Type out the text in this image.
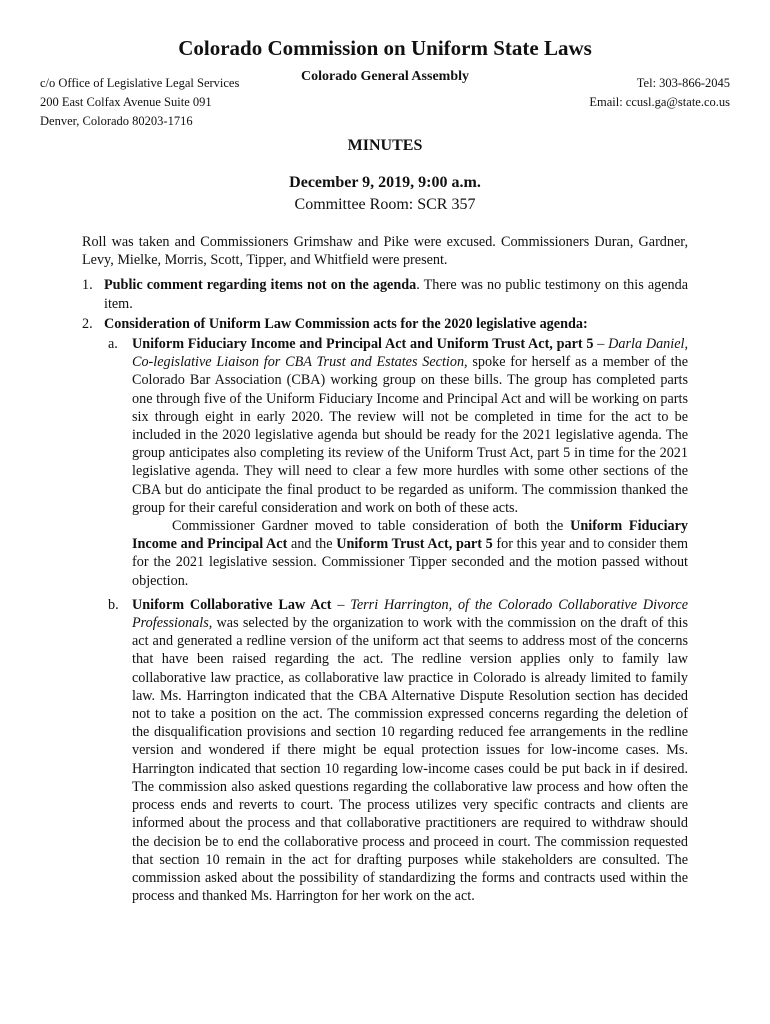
Colorado Commission on Uniform State Laws
c/o Office of Legislative Legal Services
200 East Colfax Avenue Suite 091
Denver, Colorado 80203-1716
Colorado General Assembly	Tel: 303-866-2045
Email: ccusl.ga@state.co.us
MINUTES
December 9, 2019, 9:00 a.m.
Committee Room: SCR 357

Roll was taken and Commissioners Grimshaw and Pike were excused. Commissioners Duran, Gardner, Levy, Mielke, Morris, Scott, Tipper, and Whitfield were present.

1. Public comment regarding items not on the agenda. There was no public testimony on this agenda item.

2. Consideration of Uniform Law Commission acts for the 2020 legislative agenda:

a. Uniform Fiduciary Income and Principal Act and Uniform Trust Act, part 5 – Darla Daniel, Co-legislative Liaison for CBA Trust and Estates Section, spoke for herself as a member of the Colorado Bar Association (CBA) working group on these bills. The group has completed parts one through five of the Uniform Fiduciary Income and Principal Act and will be working on parts six through eight in early 2020. The review will not be completed in time for the act to be included in the 2020 legislative agenda but should be ready for the 2021 legislative agenda. The group anticipates also completing its review of the Uniform Trust Act, part 5 in time for the 2021 legislative agenda. They will need to clear a few more hurdles with some other sections of the CBA but do anticipate the final product to be regarded as uniform. The commission thanked the group for their careful consideration and work on both of these acts.

Commissioner Gardner moved to table consideration of both the Uniform Fiduciary Income and Principal Act and the Uniform Trust Act, part 5 for this year and to consider them for the 2021 legislative session. Commissioner Tipper seconded and the motion passed without objection.

b. Uniform Collaborative Law Act – Terri Harrington, of the Colorado Collaborative Divorce Professionals, was selected by the organization to work with the commission on the draft of this act and generated a redline version of the uniform act that seems to address most of the concerns that have been raised regarding the act. The redline version applies only to family law collaborative law practice, as collaborative law practice in Colorado is already limited to family law. Ms. Harrington indicated that the CBA Alternative Dispute Resolution section has decided not to take a position on the act. The commission expressed concerns regarding the deletion of the disqualification provisions and section 10 regarding reduced fee arrangements in the redline version and wondered if there might be equal protection issues for low-income cases. Ms. Harrington indicated that section 10 regarding low-income cases could be put back in if desired. The commission also asked questions regarding the collaborative law process and how often the process ends and reverts to court. The process utilizes very specific contracts and clients are informed about the process and that collaborative practitioners are required to withdraw should the decision be to end the collaborative process and proceed in court. The commission requested that section 10 remain in the act for drafting purposes while stakeholders are consulted. The commission asked about the possibility of standardizing the forms and contracts used within the process and thanked Ms. Harrington for her work on the act.
